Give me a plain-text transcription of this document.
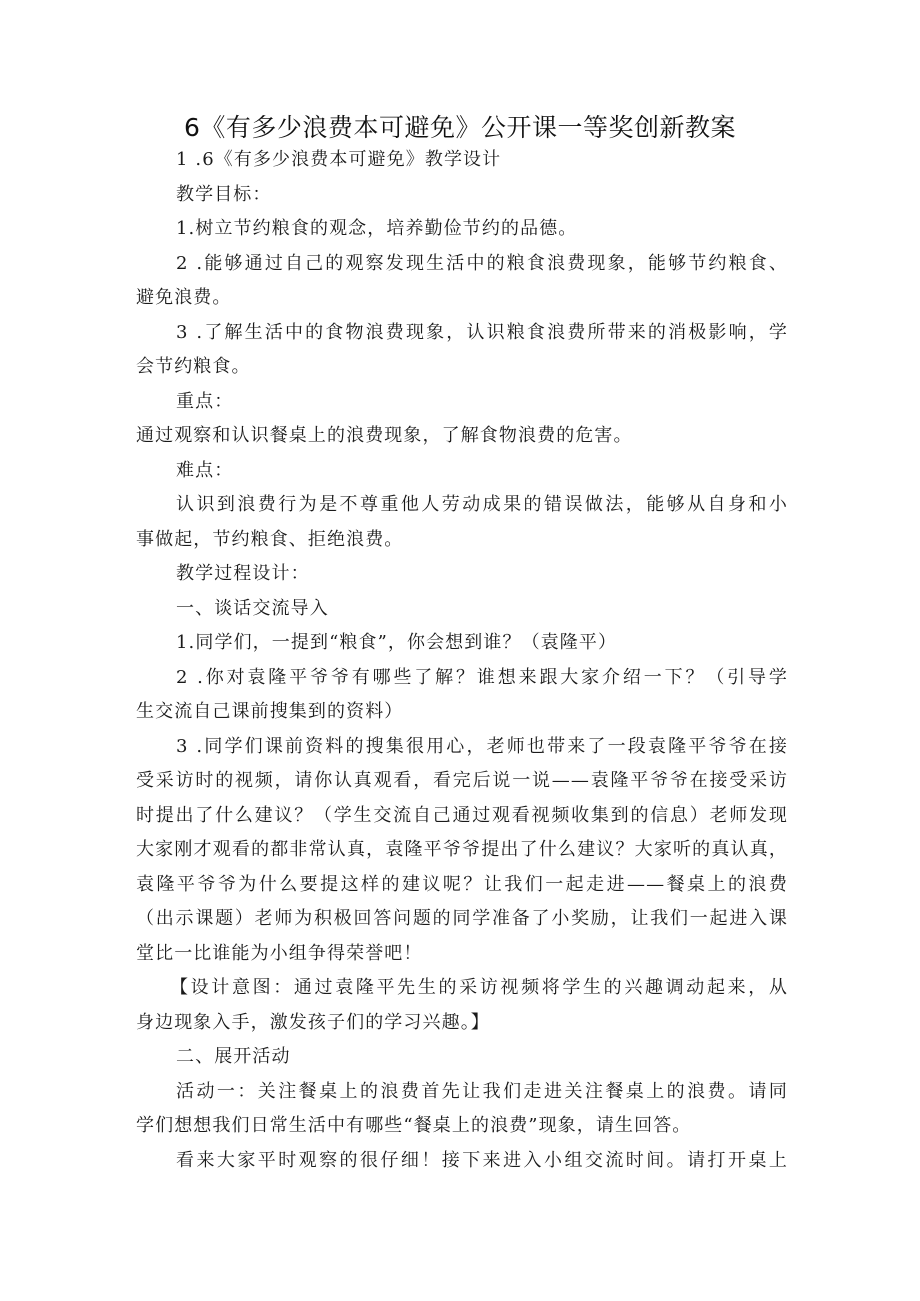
6《有多少浪费本可避免》公开课一等奖创新教案
1 .6《有多少浪费本可避免》教学设计
教学目标：
1.树立节约粮食的观念，培养勤俭节约的品德。
2 .能够通过自己的观察发现生活中的粮食浪费现象，能够节约粮食、
避免浪费。
3 .了解生活中的食物浪费现象，认识粮食浪费所带来的消极影响，学
会节约粮食。
重点：
通过观察和认识餐桌上的浪费现象，了解食物浪费的危害。
难点：
认识到浪费行为是不尊重他人劳动成果的错误做法，能够从自身和小
事做起，节约粮食、拒绝浪费。
教学过程设计：
一、谈话交流导入
1.同学们，一提到“粮食”，你会想到谁？（袁隆平）
2 .你对袁隆平爷爷有哪些了解？谁想来跟大家介绍一下？（引导学
生交流自己课前搜集到的资料）
3 .同学们课前资料的搜集很用心，老师也带来了一段袁隆平爷爷在接
受采访时的视频，请你认真观看，看完后说一说——袁隆平爷爷在接受采访
时提出了什么建议？（学生交流自己通过观看视频收集到的信息）老师发现
大家刚才观看的都非常认真，袁隆平爷爷提出了什么建议？大家听的真认真，
袁隆平爷爷为什么要提这样的建议呢？让我们一起走进——餐桌上的浪费
（出示课题）老师为积极回答问题的同学准备了小奖励，让我们一起进入课
堂比一比谁能为小组争得荣誉吧！
【设计意图：通过袁隆平先生的采访视频将学生的兴趣调动起来，从
身边现象入手，激发孩子们的学习兴趣。】
二、展开活动
活动一：关注餐桌上的浪费首先让我们走进关注餐桌上的浪费。请同
学们想想我们日常生活中有哪些“餐桌上的浪费”现象，请生回答。
看来大家平时观察的很仔细！接下来进入小组交流时间。请打开桌上
